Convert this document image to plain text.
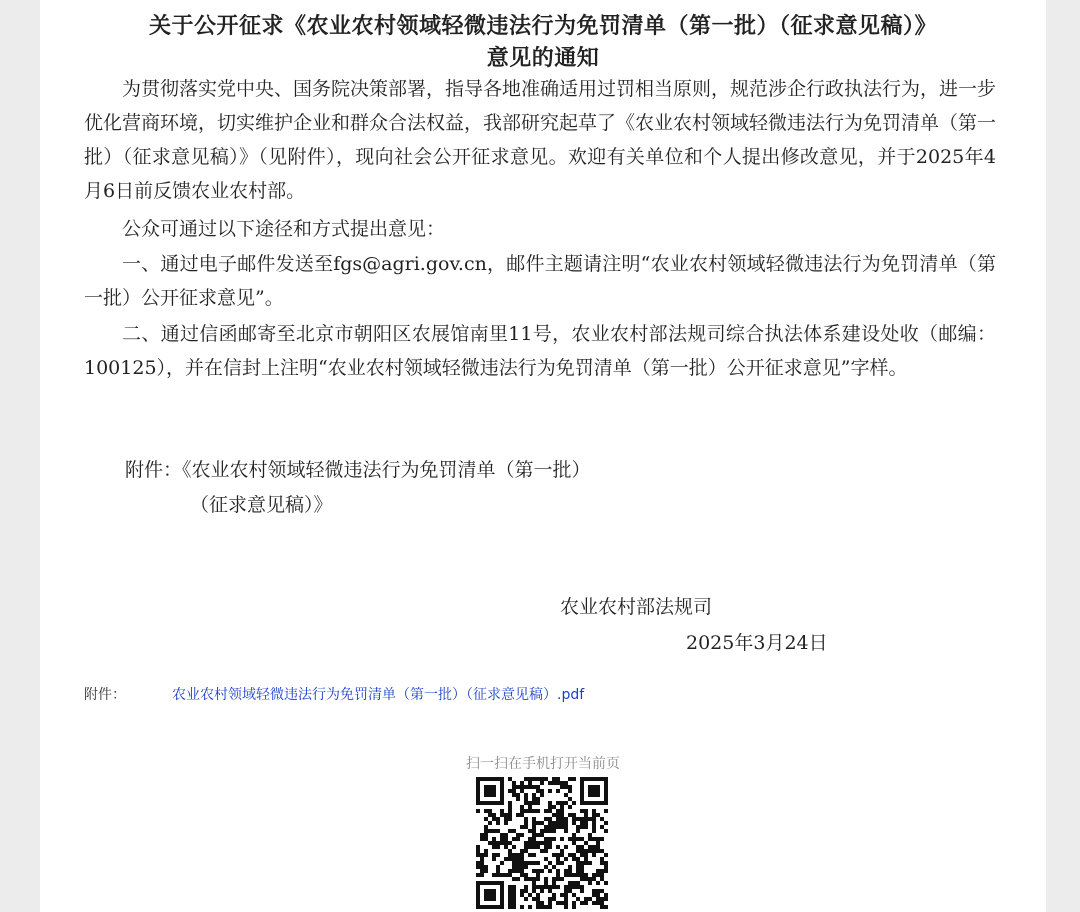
关于公开征求《农业农村领域轻微违法行为免罚清单（第一批）（征求意见稿）》
意见的通知

为贯彻落实党中央、国务院决策部署，指导各地准确适用过罚相当原则，规范涉企行政执法行为，进一步优化营商环境，切实维护企业和群众合法权益，我部研究起草了《农业农村领域轻微违法行为免罚清单（第一批）（征求意见稿）》（见附件），现向社会公开征求意见。欢迎有关单位和个人提出修改意见，并于2025年4月6日前反馈农业农村部。

公众可通过以下途径和方式提出意见：

一、通过电子邮件发送至fgs@agri.gov.cn，邮件主题请注明“农业农村领域轻微违法行为免罚清单（第一批）公开征求意见”。

二、通过信函邮寄至北京市朝阳区农展馆南里11号，农业农村部法规司综合执法体系建设处收（邮编：100125），并在信封上注明“农业农村领域轻微违法行为免罚清单（第一批）公开征求意见”字样。

附件：《农业农村领域轻微违法行为免罚清单（第一批）

（征求意见稿）》

农业农村部法规司
2025年3月24日
附件：	农业农村领域轻微违法行为免罚清单（第一批）（征求意见稿）.pdf
扫一扫在手机打开当前页
